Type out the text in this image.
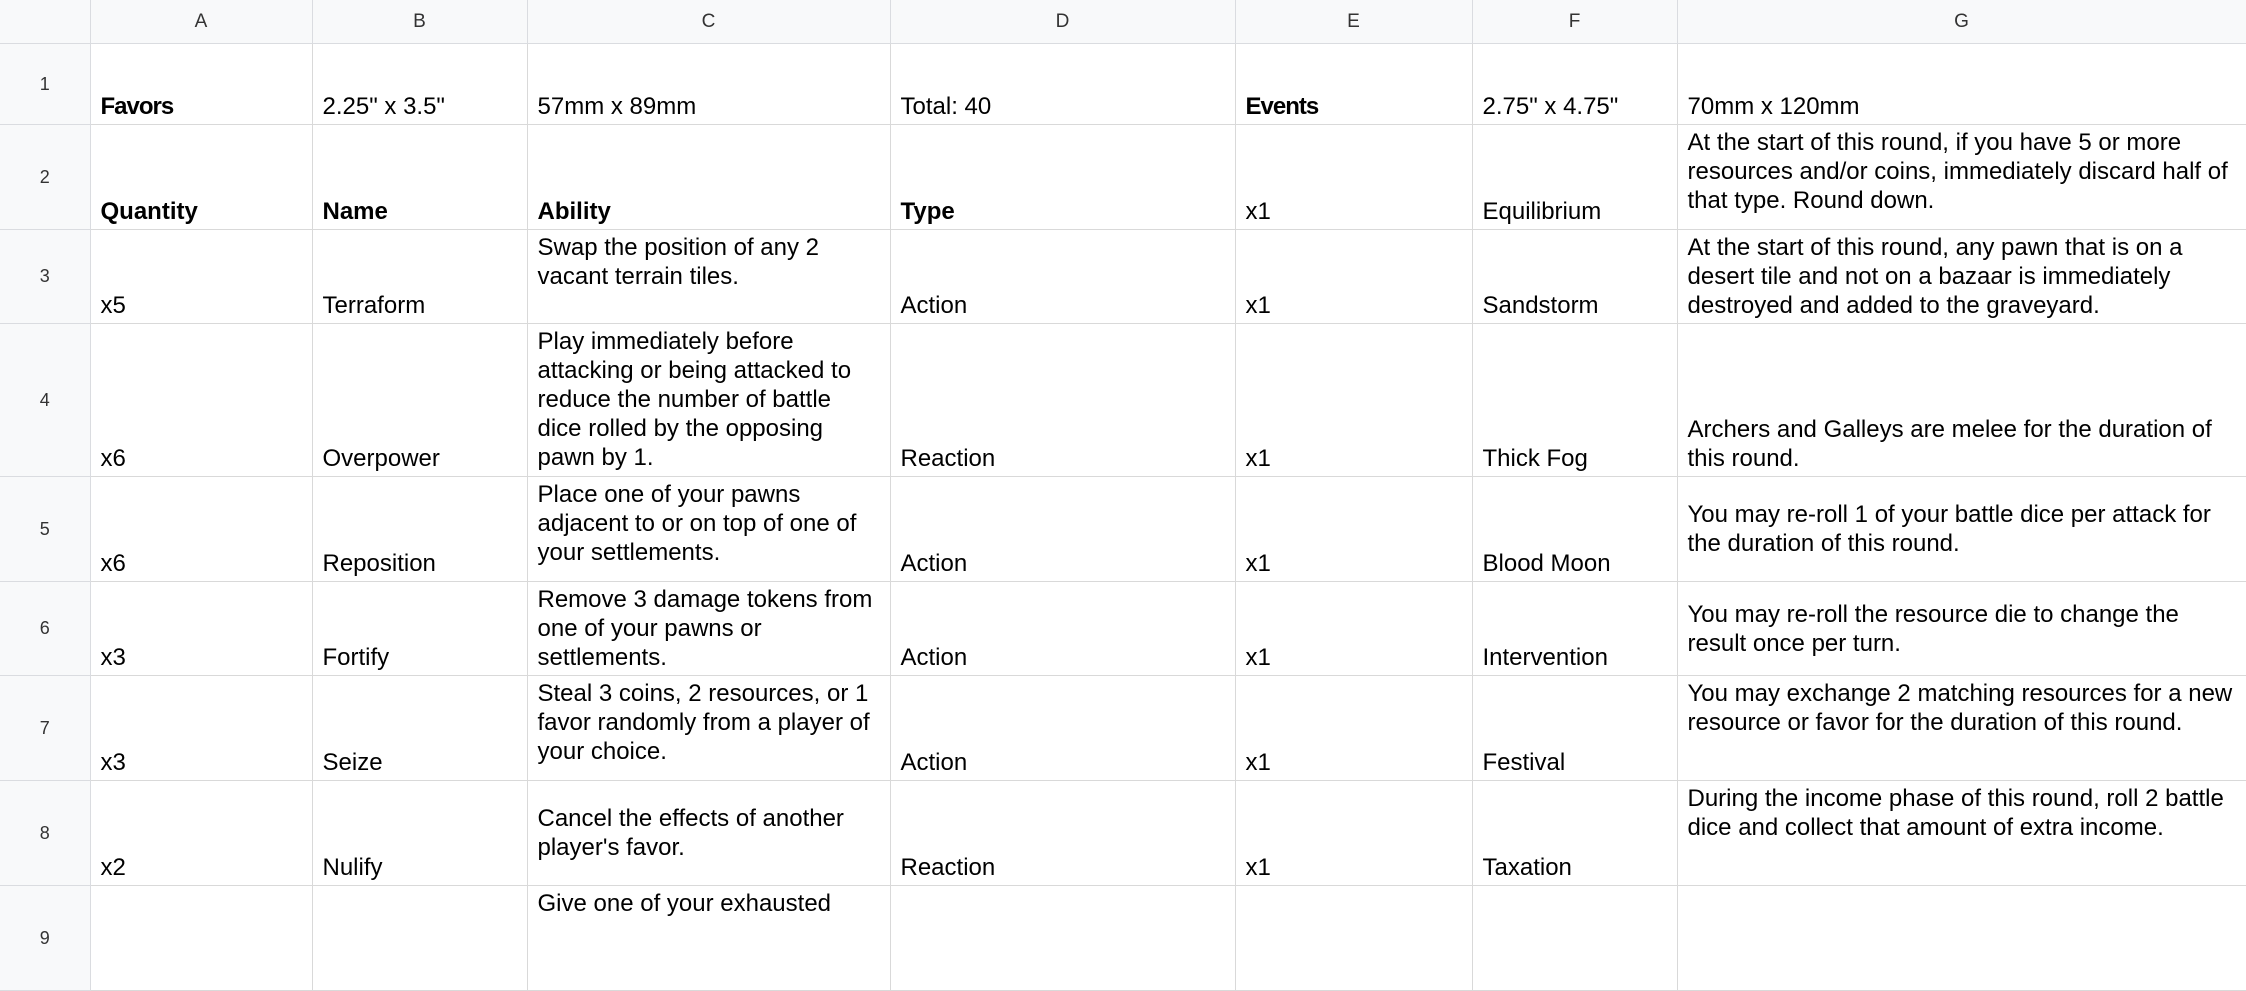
	A	B	C	D	E	F	G
1	Favors	2.25" x 3.5"	57mm x 89mm	Total: 40	Events	2.75" x 4.75"	70mm x 120mm
2	Quantity	Name	Ability	Type	x1	Equilibrium	At the start of this round, if you have 5 or more resources and/or coins, immediately discard half of that type. Round down.
3	x5	Terraform	Swap the position of any 2 vacant terrain tiles.	Action	x1	Sandstorm	At the start of this round, any pawn that is on a desert tile and not on a bazaar is immediately destroyed and added to the graveyard.
4	x6	Overpower	Play immediately before attacking or being attacked to reduce the number of battle dice rolled by the opposing pawn by 1.	Reaction	x1	Thick Fog	Archers and Galleys are melee for the duration of this round.
5	x6	Reposition	Place one of your pawns adjacent to or on top of one of your settlements.	Action	x1	Blood Moon	You may re-roll 1 of your battle dice per attack for the duration of this round.
6	x3	Fortify	Remove 3 damage tokens from one of your pawns or settlements.	Action	x1	Intervention	You may re-roll the resource die to change the result once per turn.
7	x3	Seize	Steal 3 coins, 2 resources, or 1 favor randomly from a player of your choice.	Action	x1	Festival	You may exchange 2 matching resources for a new resource or favor for the duration of this round.
8	x2	Nulify	Cancel the effects of another player's favor.	Reaction	x1	Taxation	During the income phase of this round, roll 2 battle dice and collect that amount of extra income.
9			Give one of your exhausted				
